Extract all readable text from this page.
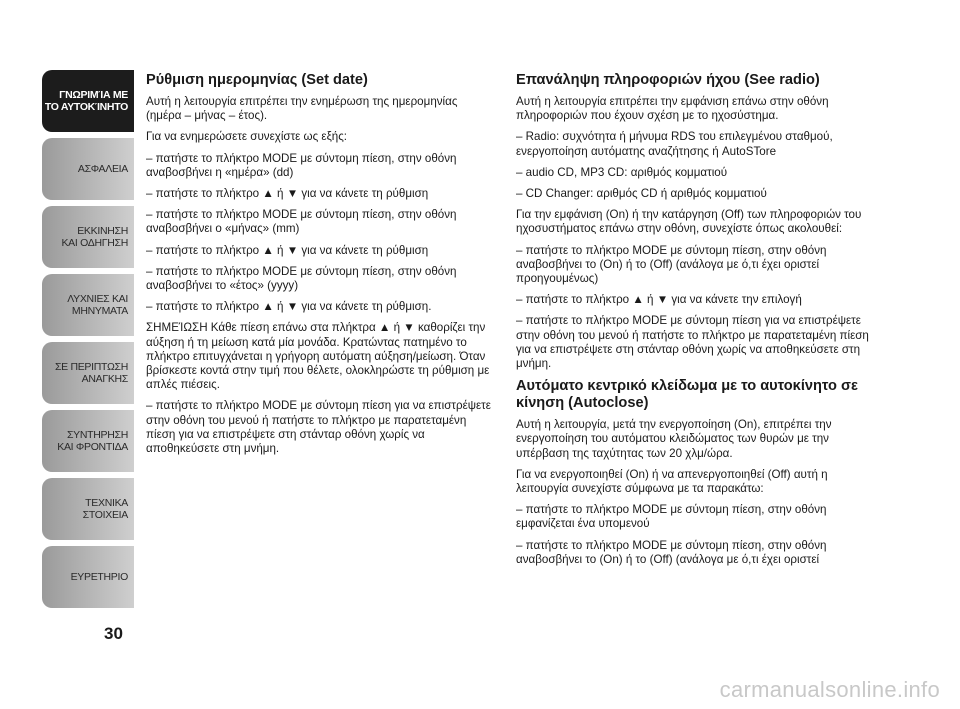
ΓΝΩΡΙΜΊΑ ΜΕ
ΤΟ ΑΥΤΟΚΊΝΗΤΟ
ΑΣΦΑΛΕΙΑ
ΕΚΚΙΝΗΣΗ
ΚΑΙ ΟΔΗΓΗΣΗ
ΛΥΧΝΙΕΣ ΚΑΙ
ΜΗΝΥΜΑΤΑ
ΣΕ ΠΕΡΙΠΤΩΣΗ
ΑΝΑΓΚΗΣ
ΣΥΝΤΗΡΗΣΗ
ΚΑΙ ΦΡΟΝΤΙΔΑ
ΤΕΧΝΙΚΑ
ΣΤΟΙΧΕΙΑ
ΕΥΡΕΤΗΡΙΟ
30
Ρύθμιση ημερομηνίας (Set date)

Αυτή η λειτουργία επιτρέπει την ενημέρωση της ημερομηνίας (ημέρα – μήνας – έτος).

Για να ενημερώσετε συνεχίστε ως εξής:

– πατήστε το πλήκτρο MODE με σύντομη πίεση, στην οθόνη αναβοσβήνει η «ημέρα» (dd)

– πατήστε το πλήκτρο ▲ ή ▼ για να κάνετε τη ρύθμιση

– πατήστε το πλήκτρο MODE με σύντομη πίεση, στην οθόνη αναβοσβήνει ο «μήνας» (mm)

– πατήστε το πλήκτρο ▲ ή ▼ για να κάνετε τη ρύθμιση

– πατήστε το πλήκτρο MODE με σύντομη πίεση, στην οθόνη αναβοσβήνει το «έτος» (yyyy)

– πατήστε το πλήκτρο ▲ ή ▼ για να κάνετε τη ρύθμιση.

ΣΗΜΕΊΩΣΗ Κάθε πίεση επάνω στα πλήκτρα ▲ ή ▼ καθορίζει την αύξηση ή τη μείωση κατά μία μονάδα. Κρατώντας πατημένο το πλήκτρο επιτυγχάνεται η γρήγορη αυτόματη αύξηση/μείωση. Όταν βρίσκεστε κοντά στην τιμή που θέλετε, ολοκληρώστε τη ρύθμιση με απλές πιέσεις.

– πατήστε το πλήκτρο MODE με σύντομη πίεση για να επιστρέψετε στην οθόνη του μενού ή πατήστε το πλήκτρο με παρατεταμένη πίεση για να επιστρέψετε στη στάνταρ οθόνη χωρίς να αποθηκεύσετε στη μνήμη.

Επανάληψη πληροφοριών ήχου (See radio)

Αυτή η λειτουργία επιτρέπει την εμφάνιση επάνω στην οθόνη πληροφοριών που έχουν σχέση με το ηχοσύστημα.

– Radio: συχνότητα ή μήνυμα RDS του επιλεγμένου σταθμού, ενεργοποίηση αυτόματης αναζήτησης ή AutoSTore

– audio CD, MP3 CD: αριθμός κομματιού

– CD Changer: αριθμός CD ή αριθμός κομματιού

Για την εμφάνιση (On) ή την κατάργηση (Off) των πληροφοριών του ηχοσυστήματος επάνω στην οθόνη, συνεχίστε όπως ακολουθεί:

– πατήστε το πλήκτρο MODE με σύντομη πίεση, στην οθόνη αναβοσβήνει το (On) ή το (Off) (ανάλογα με ό,τι έχει οριστεί προηγουμένως)

– πατήστε το πλήκτρο ▲ ή ▼ για να κάνετε την επιλογή

– πατήστε το πλήκτρο MODE με σύντομη πίεση για να επιστρέψετε στην οθόνη του μενού ή πατήστε το πλήκτρο με παρατεταμένη πίεση για να επιστρέψετε στη στάνταρ οθόνη χωρίς να αποθηκεύσετε στη μνήμη.

Αυτόματο κεντρικό κλείδωμα με το αυτοκίνητο σε κίνηση (Autoclose)

Αυτή η λειτουργία, μετά την ενεργοποίηση (On), επιτρέπει την ενεργοποίηση του αυτόματου κλειδώματος των θυρών με την υπέρβαση της ταχύτητας των 20 χλμ/ώρα.

Για να ενεργοποιηθεί (On) ή να απενεργοποιηθεί (Off) αυτή η λειτουργία συνεχίστε σύμφωνα με τα παρακάτω:

– πατήστε το πλήκτρο MODE με σύντομη πίεση, στην οθόνη εμφανίζεται ένα υπομενού

– πατήστε το πλήκτρο MODE με σύντομη πίεση, στην οθόνη αναβοσβήνει το (On) ή το (Off) (ανάλογα με ό,τι έχει οριστεί

carmanualsonline.info
